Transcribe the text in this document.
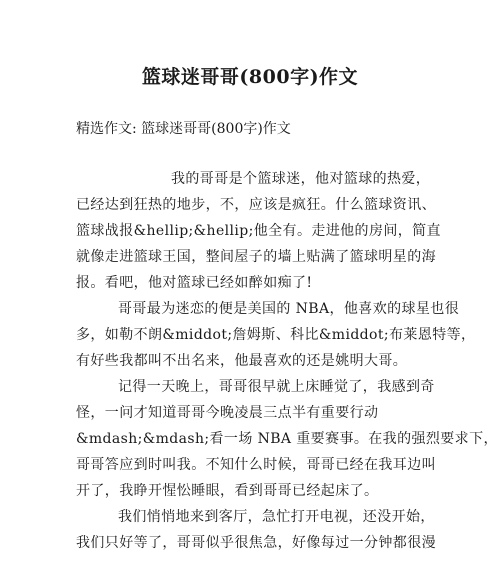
篮球迷哥哥(800字)作文
精选作文: 篮球迷哥哥(800字)作文
我的哥哥是个篮球迷，他对篮球的热爱，
已经达到狂热的地步，不，应该是疯狂。什么篮球资讯、
篮球战报&hellip;&hellip;他全有。走进他的房间，简直
就像走进篮球王国，整间屋子的墙上贴满了篮球明星的海
报。看吧，他对篮球已经如醉如痴了!
哥哥最为迷恋的便是美国的 NBA，他喜欢的球星也很
多，如勒不朗&middot;詹姆斯、科比&middot;布莱恩特等，
有好些我都叫不出名来，他最喜欢的还是姚明大哥。
记得一天晚上，哥哥很早就上床睡觉了，我感到奇
怪，一问才知道哥哥今晚凌晨三点半有重要行动
&mdash;&mdash;看一场 NBA 重要赛事。在我的强烈要求下，
哥哥答应到时叫我。不知什么时候，哥哥已经在我耳边叫
开了，我睁开惺忪睡眼，看到哥哥已经起床了。
我们悄悄地来到客厅，急忙打开电视，还没开始，
我们只好等了，哥哥似乎很焦急，好像每过一分钟都很漫
